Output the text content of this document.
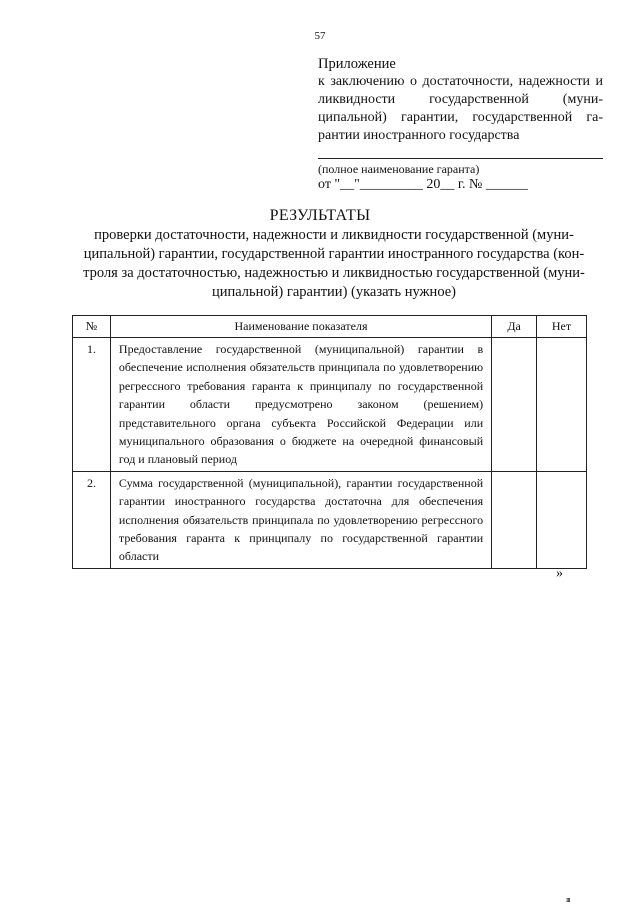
57
Приложение
к заключению о достаточности, надежности и ликвидности государственной (муниципальной) гарантии, государственной гарантии иностранного государства
(полное наименование гаранта)
от "__"_________ 20__ г. № ______
РЕЗУЛЬТАТЫ
проверки достаточности, надежности и ликвидности государственной (муниципальной) гарантии, государственной гарантии иностранного государства (контроля за достаточностью, надежностью и ликвидностью государственной (муниципальной) гарантии) (указать нужное)
№	Наименование показателя	Да	Нет
1.	Предоставление государственной (муниципальной) гарантии в обеспечение исполнения обязательств принципала по удовлетворению регрессного требования гаранта к принципалу по государственной гарантии области предусмотрено законом (решением) представительного органа субъекта Российской Федерации или муниципального образования о бюджете на очередной финансовый год и плановый период		
2.	Сумма государственной (муниципальной), гарантии государственной гарантии иностранного государства достаточна для обеспечения исполнения обязательств принципала по удовлетворению регрессного требования гаранта к принципалу по государственной гарантии области		
»
ııı
